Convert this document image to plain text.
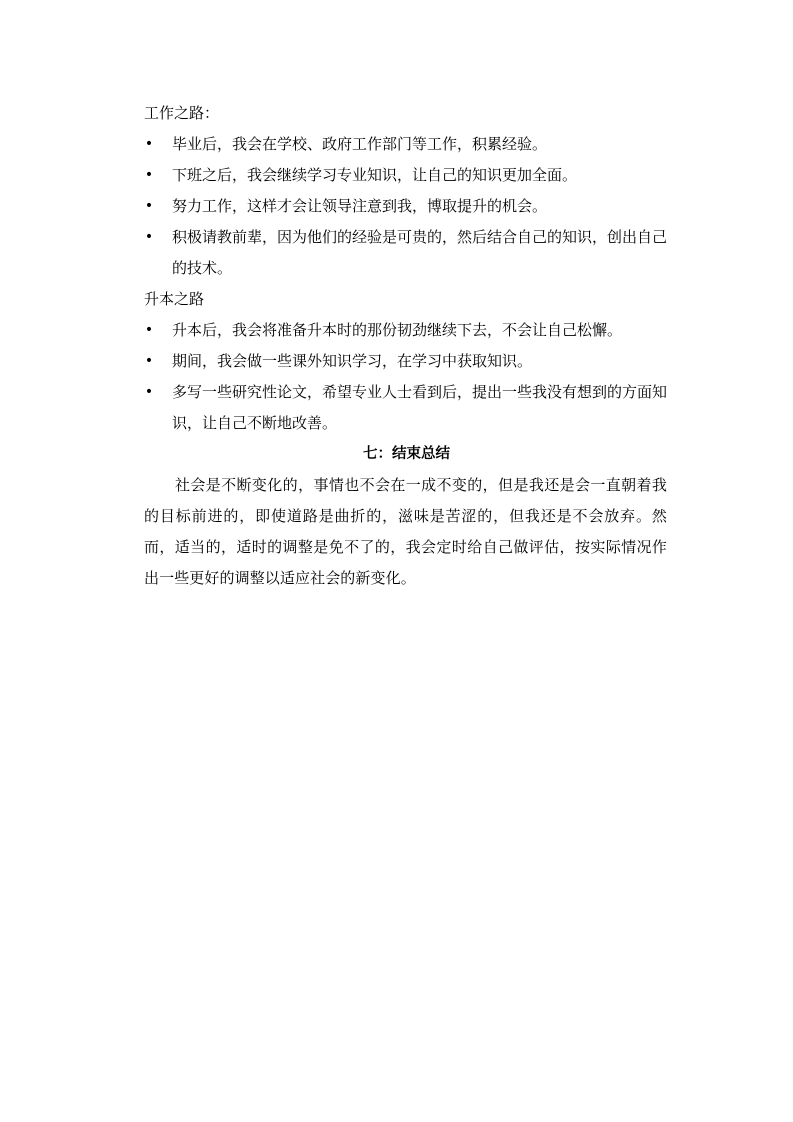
工作之路：
• 毕业后，我会在学校、政府工作部门等工作，积累经验。
• 下班之后，我会继续学习专业知识，让自己的知识更加全面。
• 努力工作，这样才会让领导注意到我，博取提升的机会。
• 积极请教前辈，因为他们的经验是可贵的，然后结合自己的知识，创出自己的技术。
升本之路
• 升本后，我会将准备升本时的那份韧劲继续下去，不会让自己松懈。
• 期间，我会做一些课外知识学习，在学习中获取知识。
• 多写一些研究性论文，希望专业人士看到后，提出一些我没有想到的方面知识，让自己不断地改善。
七：结束总结

社会是不断变化的，事情也不会在一成不变的，但是我还是会一直朝着我的目标前进的，即使道路是曲折的，滋味是苦涩的，但我还是不会放弃。然而，适当的，适时的调整是免不了的，我会定时给自己做评估，按实际情况作出一些更好的调整以适应社会的新变化。
